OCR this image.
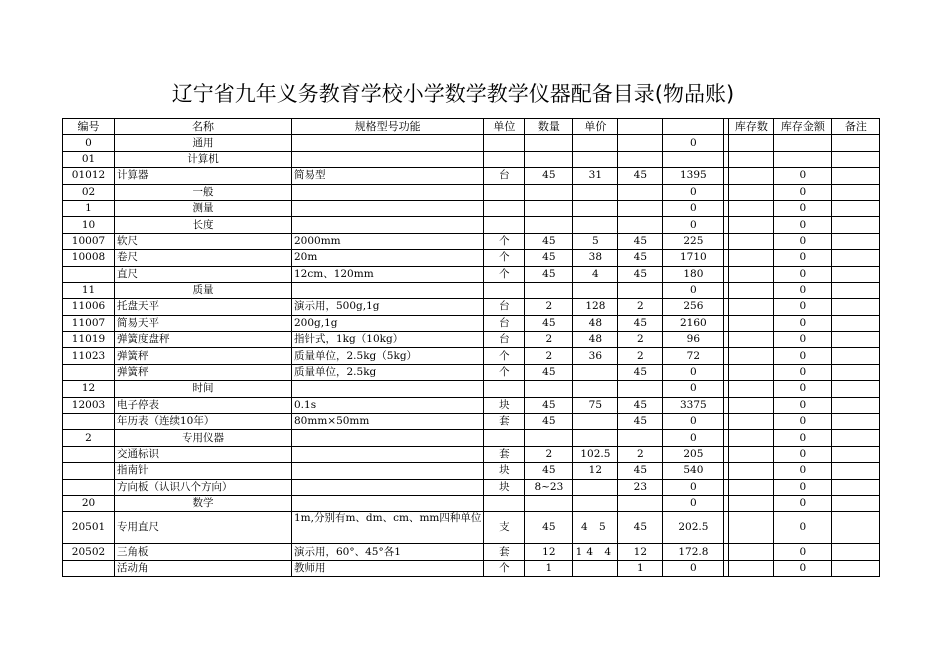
辽宁省九年义务教育学校小学数学教学仪器配备目录(物品账)
编号	名称	规格型号功能	单位	数量	单价				库存数	库存金额	备注
0	通用						0				
01	计算机										
01012	计算器	简易型	台	45	31	45	1395			0	
02	一般						0			0	
1	测量						0			0	
10	长度						0			0	
10007	软尺	2000mm	个	45	5	45	225			0	
10008	卷尺	20m	个	45	38	45	1710			0	
	直尺	12cm、120mm	个	45	4	45	180			0	
11	质量						0			0	
11006	托盘天平	演示用，500g,1g	台	2	128	2	256			0	
11007	简易天平	200g,1g	台	45	48	45	2160			0	
11019	弹簧度盘秤	指针式，1kg（10kg）	台	2	48	2	96			0	
11023	弹簧秤	质量单位，2.5kg（5kg）	个	2	36	2	72			0	
	弹簧秤	质量单位，2.5kg	个	45		45	0			0	
12	时间						0			0	
12003	电子停表	0.1s	块	45	75	45	3375			0	
	年历表（连续10年）	80mm×50mm	套	45		45	0			0	
2	专用仪器						0			0	
	交通标识		套	2	102.5	2	205			0	
	指南针		块	45	12	45	540			0	
	方向板（认识八个方向）		块	8~23		23	0			0	
20	数学						0			0	
20501	专用直尺	1m,分别有m、dm、cm、mm四种单位	支	45	4 5	45	202.5			0	
20502	三角板	演示用，60°、45°各1	套	12	14 4	12	172.8			0	
	活动角	教师用	个	1		1	0			0	
